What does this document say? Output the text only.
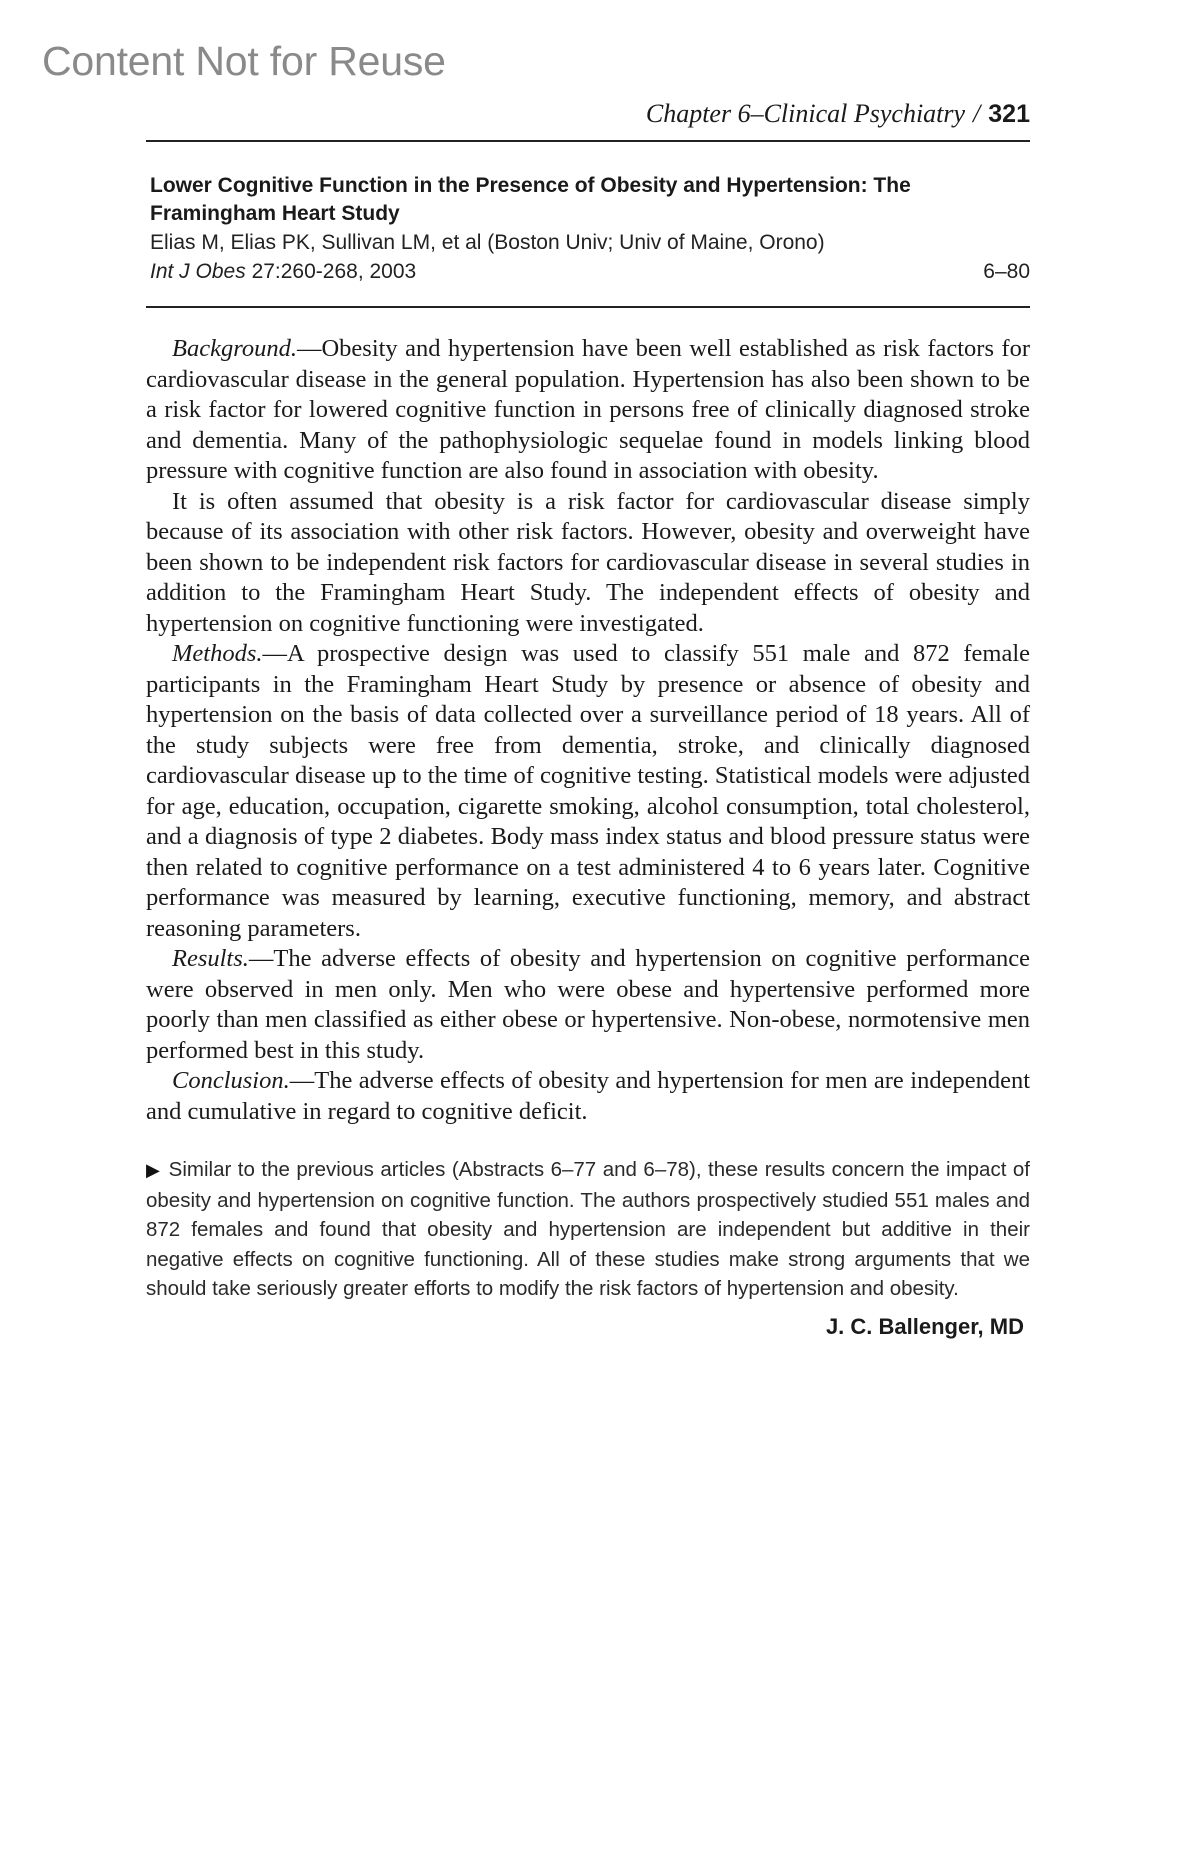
Content Not for Reuse
Chapter 6–Clinical Psychiatry / 321
Lower Cognitive Function in the Presence of Obesity and Hypertension: The Framingham Heart Study
Elias M, Elias PK, Sullivan LM, et al (Boston Univ; Univ of Maine, Orono)
Int J Obes 27:260-268, 2003	6–80

Background.—Obesity and hypertension have been well established as risk factors for cardiovascular disease in the general population. Hypertension has also been shown to be a risk factor for lowered cognitive function in persons free of clinically diagnosed stroke and dementia. Many of the pathophysiologic sequelae found in models linking blood pressure with cognitive function are also found in association with obesity.

It is often assumed that obesity is a risk factor for cardiovascular disease simply because of its association with other risk factors. However, obesity and overweight have been shown to be independent risk factors for cardiovascular disease in several studies in addition to the Framingham Heart Study. The independent effects of obesity and hypertension on cognitive functioning were investigated.

Methods.—A prospective design was used to classify 551 male and 872 female participants in the Framingham Heart Study by presence or absence of obesity and hypertension on the basis of data collected over a surveillance period of 18 years. All of the study subjects were free from dementia, stroke, and clinically diagnosed cardiovascular disease up to the time of cognitive testing. Statistical models were adjusted for age, education, occupation, cigarette smoking, alcohol consumption, total cholesterol, and a diagnosis of type 2 diabetes. Body mass index status and blood pressure status were then related to cognitive performance on a test administered 4 to 6 years later. Cognitive performance was measured by learning, executive functioning, memory, and abstract reasoning parameters.

Results.—The adverse effects of obesity and hypertension on cognitive performance were observed in men only. Men who were obese and hypertensive performed more poorly than men classified as either obese or hypertensive. Non-obese, normotensive men performed best in this study.

Conclusion.—The adverse effects of obesity and hypertension for men are independent and cumulative in regard to cognitive deficit.

▶ Similar to the previous articles (Abstracts 6–77 and 6–78), these results concern the impact of obesity and hypertension on cognitive function. The authors prospectively studied 551 males and 872 females and found that obesity and hypertension are independent but additive in their negative effects on cognitive functioning. All of these studies make strong arguments that we should take seriously greater efforts to modify the risk factors of hypertension and obesity.
J. C. Ballenger, MD
